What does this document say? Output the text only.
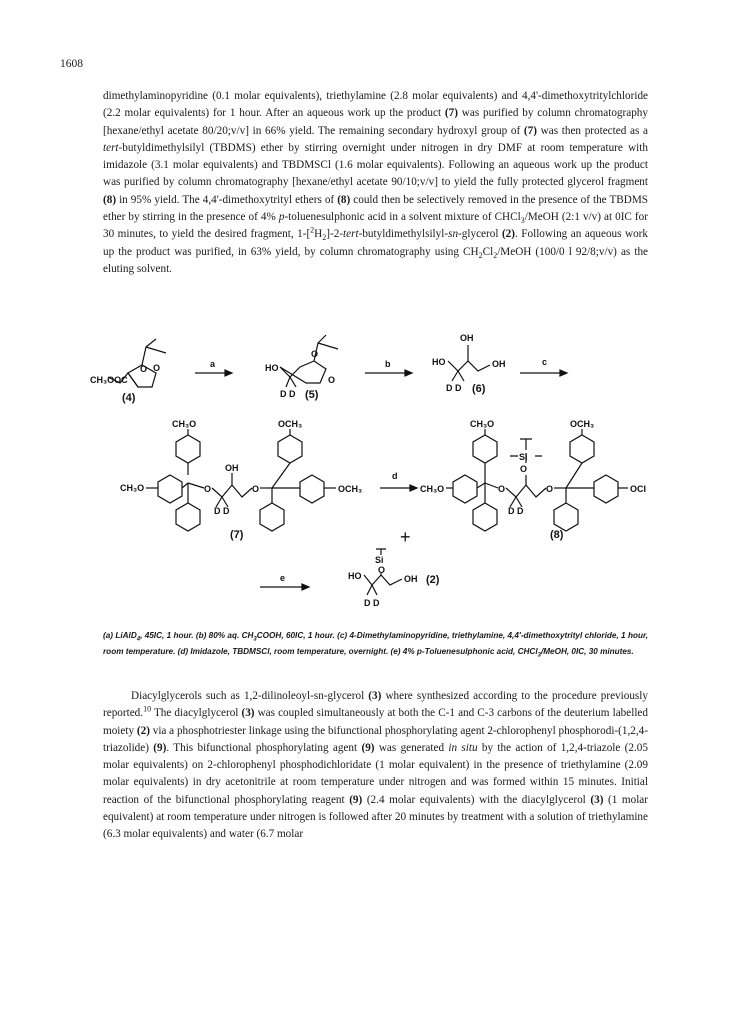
1608

dimethylaminopyridine (0.1 molar equivalents), triethylamine (2.8 molar equivalents) and 4,4'-dimethoxytritylchloride (2.2 molar equivalents) for 1 hour. After an aqueous work up the product (7) was purified by column chromatography [hexane/ethyl acetate 80/20;v/v] in 66% yield. The remaining secondary hydroxyl group of (7) was then protected as a tert-butyldimethylsilyl (TBDMS) ether by stirring overnight under nitrogen in dry DMF at room temperature with imidazole (3.1 molar equivalents) and TBDMSCl (1.6 molar equivalents). Following an aqueous work up the product was purified by column chromatography [hexane/ethyl acetate 90/10;v/v] to yield the fully protected glycerol fragment (8) in 95% yield. The 4,4'-dimethoxytrityl ethers of (8) could then be selectively removed in the presence of the TBDMS ether by stirring in the presence of 4% p-toluenesulphonic acid in a solvent mixture of CHCl$_3$/MeOH (2:1 v/v) at 0IC for 30 minutes, to yield the desired fragment, $1-[^2H_2]-2-tert-butyldimethylsilyl-sn$-glycerol (2). Following an aqueous work up the product was purified, in 63% yield, by column chromatography using $CH_2Cl_2$/MeOH (100/0 l 92/8;v/v) as the eluting solvent.

CH₃OOC
O O
(4)
a	HO
O
O
D D (5)
b	HO
OH
OH
D D (6)
c
CH₃O
CH₃O	O
OH
D D
O
OCH₃
OCH₃
(7)
d
CH₃O
CH₃O
O
O
Si
D D
O
OCH₃
OCI
(8)
+
e
Si
O
HO	OH
D D
(2)

(a) LiAlD$_4$, 45IC, 1 hour. (b) 80% aq. $CH_3COOH$, 60IC, 1 hour. (c) 4-Dimethylaminopyridine, triethylamine, 4,4'-dimethoxytrityl chloride, 1 hour, room temperature. (d) Imidazole, TBDMSCl, room temperature, overnight. (e) 4% p-Toluenesulphonic acid, CHCl$_3$/MeOH, 0IC, 30 minutes.

Diacylglycerols such as 1,2-dilinoleoyl-sn-glycerol (3) where synthesized according to the procedure previously reported.$^{10}$ The diacylglycerol (3) was coupled simultaneously at both the C-1 and C-3 carbons of the deuterium labelled moiety (2) via a phosphotriester linkage using the bifunctional phosphorylating agent 2-chlorophenyl phosphorodi-(1,2,4-triazolide) (9). This bifunctional phosphorylating agent (9) was generated in situ by the action of 1,2,4-triazole (2.05 molar equivalents) on 2-chlorophenyl phosphodichloridate (1 molar equivalent) in the presence of triethylamine (2.09 molar equivalents) in dry acetonitrile at room temperature under nitrogen and was formed within 15 minutes. Initial reaction of the bifunctional phosphorylating reagent (9) (2.4 molar equivalents) with the diacylglycerol (3) (1 molar equivalent) at room temperature under nitrogen is followed after 20 minutes by treatment with a solution of triethylamine (6.3 molar equivalents) and water (6.7 molar
